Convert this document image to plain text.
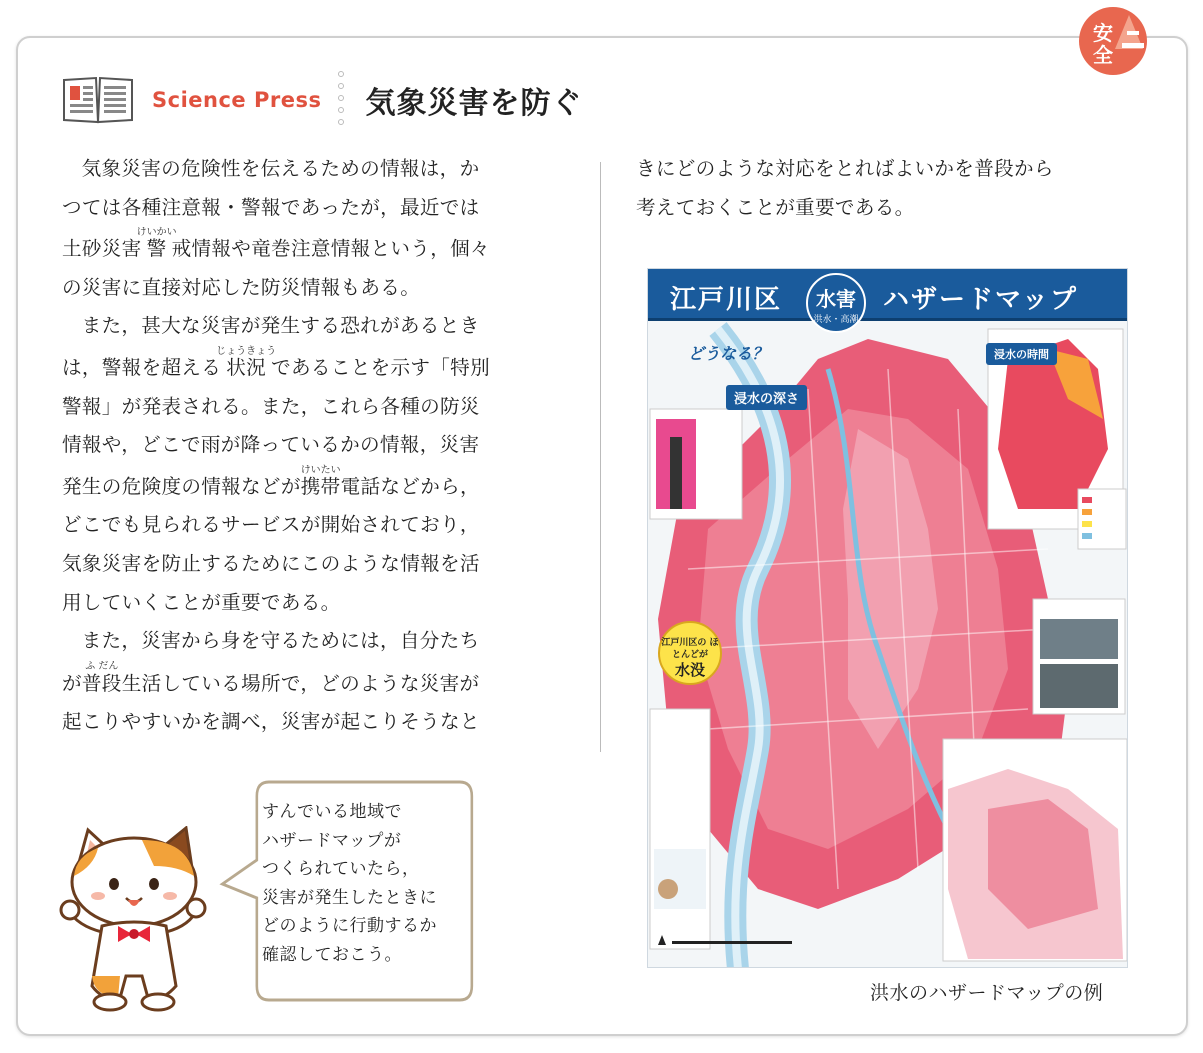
安
全
Science Press 気象災害を防ぐ
気象災害の危険性を伝えるための情報は，か
つては各種注意報・警報であったが，最近では
土砂災害警けいかい戒情報や竜巻注意情報という，個々
の災害に直接対応した防災情報もある。
また，甚大な災害が発生する恐れがあるとき
は，警報を超える状況じょうきょうであることを示す「特別
警報」が発表される。また，これら各種の防災
情報や，どこで雨が降っているかの情報，災害
発生の危険度の情報などが携帯けいたい電話などから，
どこでも見られるサービスが開始されており，
気象災害を防止するためにこのような情報を活
用していくことが重要である。
また，災害から身を守るためには，自分たち
が普段ふ だん生活している場所で，どのような災害が
起こりやすいかを調べ，災害が起こりそうなと
きにどのような対応をとればよいかを普段から
考えておくことが重要である。
江戸川区	ハザードマップ
水害
洪水・高潮
浸水の深さ
浸水の時間
どうなる？
江戸川区の ほとんどが
水没
洪水のハザードマップの例
すんでいる地域で
ハザードマップが
つくられていたら，
災害が発生したときに
どのように行動するか
確認しておこう。
